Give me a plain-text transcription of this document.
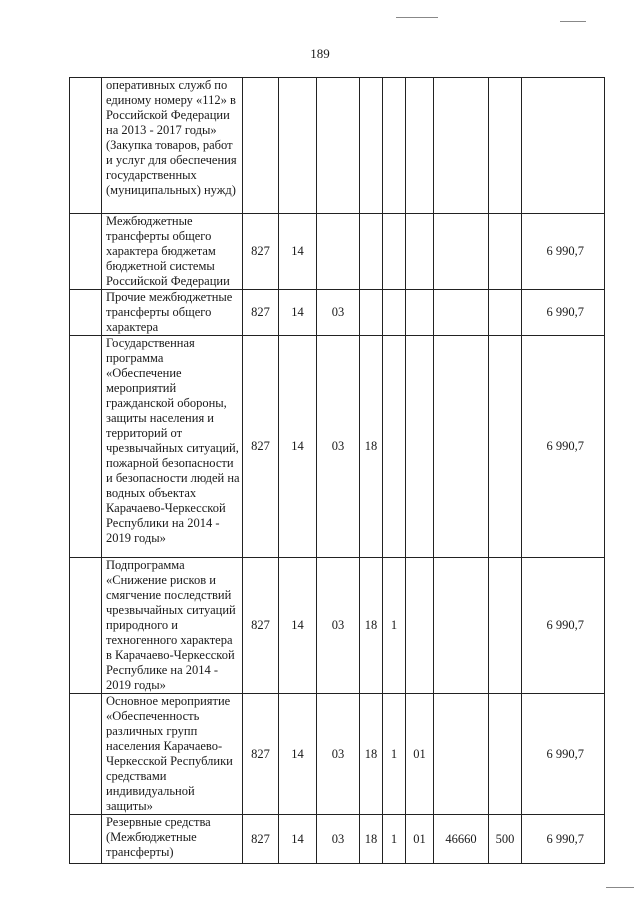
189
	оперативных служб по единому номеру «112» в Российской Федерации на 2013 - 2017 годы» (Закупка товаров, работ и услуг для обеспечения государственных (муниципальных) нужд)									
	Межбюджетные трансферты общего характера бюджетам бюджетной системы Российской Федерации	827	14							6 990,7
	Прочие межбюджетные трансферты общего характера	827	14	03						6 990,7
	Государственная программа «Обеспечение мероприятий гражданской обороны, защиты населения и территорий от чрезвычайных ситуаций, пожарной безопасности и безопасности людей на водных объектах Карачаево-Черкесской Республики на 2014 - 2019 годы»	827	14	03	18					6 990,7
	Подпрограмма «Снижение рисков и смягчение последствий чрезвычайных ситуаций природного и техногенного характера в Карачаево-Черкесской Республике на 2014 - 2019 годы»	827	14	03	18	1				6 990,7
	Основное мероприятие «Обеспеченность различных групп населения Карачаево-Черкесской Республики средствами индивидуальной защиты»	827	14	03	18	1	01			6 990,7
	Резервные средства (Межбюджетные трансферты)	827	14	03	18	1	01	46660	500	6 990,7
